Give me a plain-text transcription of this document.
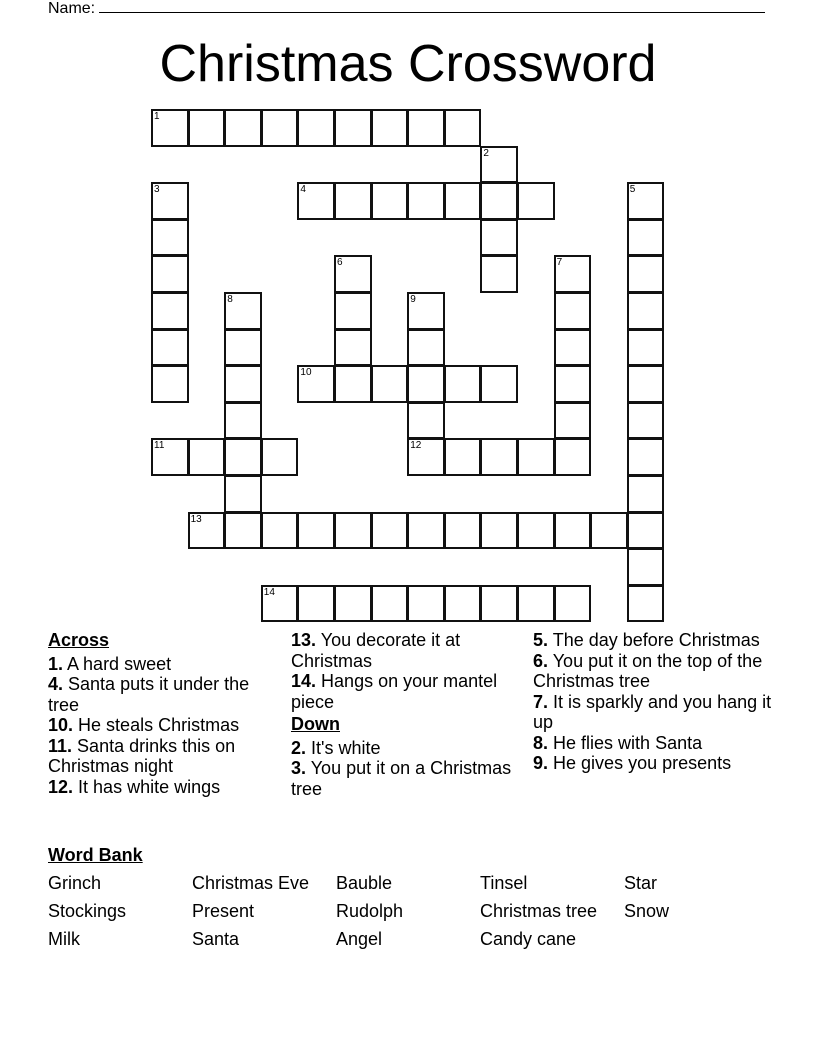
Name:
Christmas Crossword
1
2
3	4	5
6	7
8	9
12
10
11
13
14
Across
1. A hard sweet
4. Santa puts it under the tree
10. He steals Christmas
11. Santa drinks this on Christmas night
12. It has white wings
13. You decorate it at Christmas
14. Hangs on your mantel piece
Down
2. It's white
3. You put it on a Christmas tree
5. The day before Christmas
6. You put it on the top of the Christmas tree
7. It is sparkly and you hang it up
8. He flies with Santa
9. He gives you presents
Word Bank
Grinch	Christmas Eve	Bauble	Tinsel	Star
Stockings	Present	Rudolph	Christmas tree	Snow
Milk	Santa	Angel	Candy cane
